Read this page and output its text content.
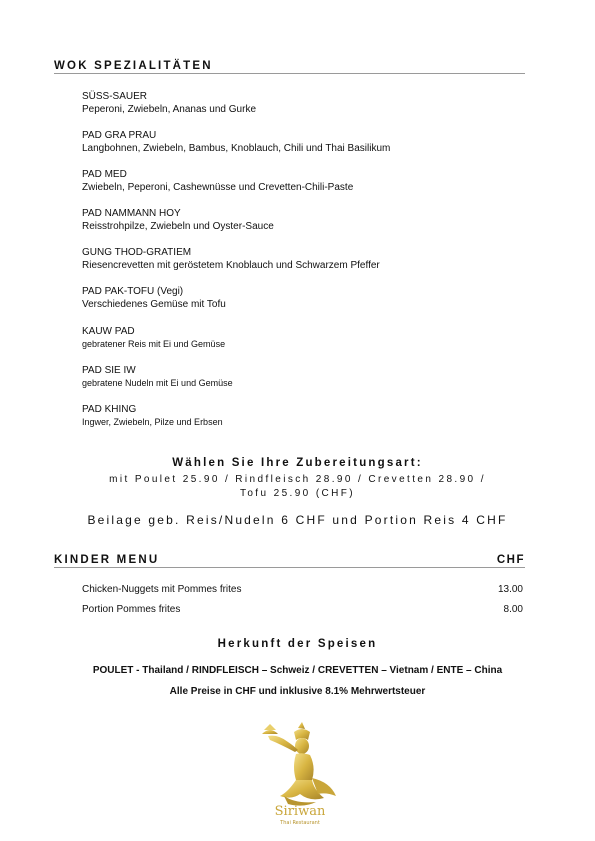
WOK SPEZIALITÄTEN
SÜSS-SAUER
Peperoni, Zwiebeln, Ananas und Gurke
PAD GRA PRAU
Langbohnen, Zwiebeln, Bambus, Knoblauch, Chili und Thai Basilikum
PAD MED
Zwiebeln, Peperoni, Cashewnüsse und Crevetten-Chili-Paste
PAD NAMMANN HOY
Reisstrohpilze, Zwiebeln und Oyster-Sauce
GUNG THOD-GRATIEM
Riesencrevetten mit geröstetem Knoblauch und Schwarzem Pfeffer
PAD PAK-TOFU (Vegi)
Verschiedenes Gemüse mit Tofu
KAUW PAD
gebratener Reis mit Ei und Gemüse
PAD SIE IW
gebratene Nudeln mit Ei und Gemüse
PAD KHING
Ingwer, Zwiebeln, Pilze und Erbsen
Wählen Sie Ihre Zubereitungsart:
mit Poulet 25.90 / Rindfleisch 28.90 / Crevetten 28.90 /
Tofu 25.90 (CHF)
Beilage geb. Reis/Nudeln 6 CHF und Portion Reis 4 CHF
KINDER MENU	CHF
Chicken-Nuggets mit Pommes frites	13.00
Portion Pommes frites	8.00
Herkunft der Speisen
POULET - Thailand / RINDFLEISCH – Schweiz / CREVETTEN – Vietnam / ENTE – China
Alle Preise in CHF und inklusive 8.1% Mehrwertsteuer
Siriwan
Thai Restaurant
